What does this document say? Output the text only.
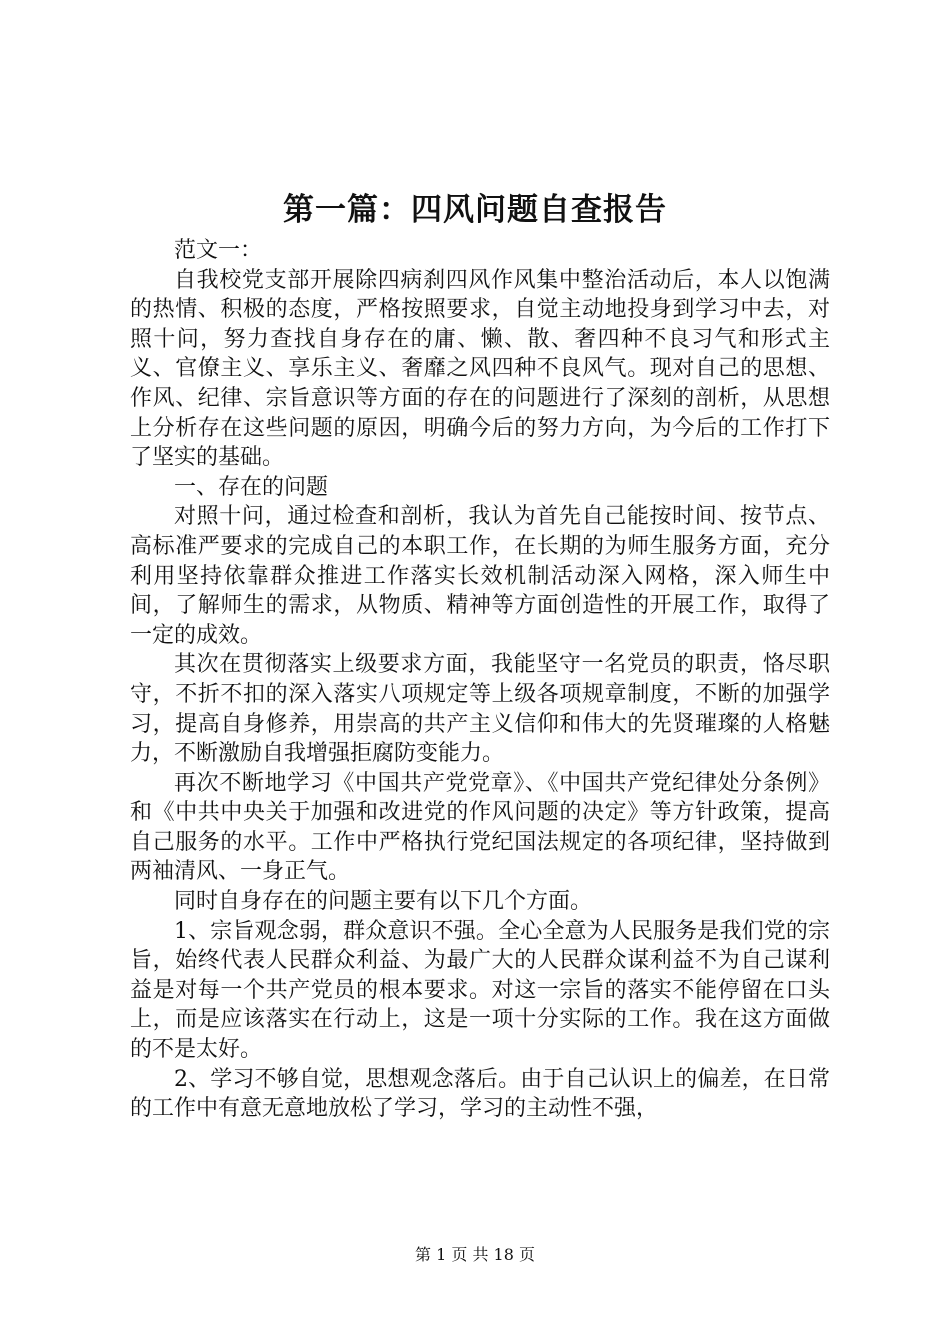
第一篇：四风问题自查报告

范文一：

自我校党支部开展除四病刹四风作风集中整治活动后，本人以饱满的热情、积极的态度，严格按照要求，自觉主动地投身到学习中去，对照十问，努力查找自身存在的庸、懒、散、奢四种不良习气和形式主义、官僚主义、享乐主义、奢靡之风四种不良风气。现对自己的思想、作风、纪律、宗旨意识等方面的存在的问题进行了深刻的剖析，从思想上分析存在这些问题的原因，明确今后的努力方向，为今后的工作打下了坚实的基础。

一、存在的问题

对照十问，通过检查和剖析，我认为首先自己能按时间、按节点、高标准严要求的完成自己的本职工作，在长期的为师生服务方面，充分利用坚持依靠群众推进工作落实长效机制活动深入网格，深入师生中间，了解师生的需求，从物质、精神等方面创造性的开展工作，取得了一定的成效。

其次在贯彻落实上级要求方面，我能坚守一名党员的职责，恪尽职守，不折不扣的深入落实八项规定等上级各项规章制度，不断的加强学习，提高自身修养，用崇高的共产主义信仰和伟大的先贤璀璨的人格魅力，不断激励自我增强拒腐防变能力。

再次不断地学习《中国共产党党章》、《中国共产党纪律处分条例》和《中共中央关于加强和改进党的作风问题的决定》等方针政策，提高自己服务的水平。工作中严格执行党纪国法规定的各项纪律，坚持做到两袖清风、一身正气。

同时自身存在的问题主要有以下几个方面。

1、宗旨观念弱，群众意识不强。全心全意为人民服务是我们党的宗旨，始终代表人民群众利益、为最广大的人民群众谋利益不为自己谋利益是对每一个共产党员的根本要求。对这一宗旨的落实不能停留在口头上，而是应该落实在行动上，这是一项十分实际的工作。我在这方面做的不是太好。

2、学习不够自觉，思想观念落后。由于自己认识上的偏差，在日常的工作中有意无意地放松了学习，学习的主动性不强，

第 1 页 共 18 页
